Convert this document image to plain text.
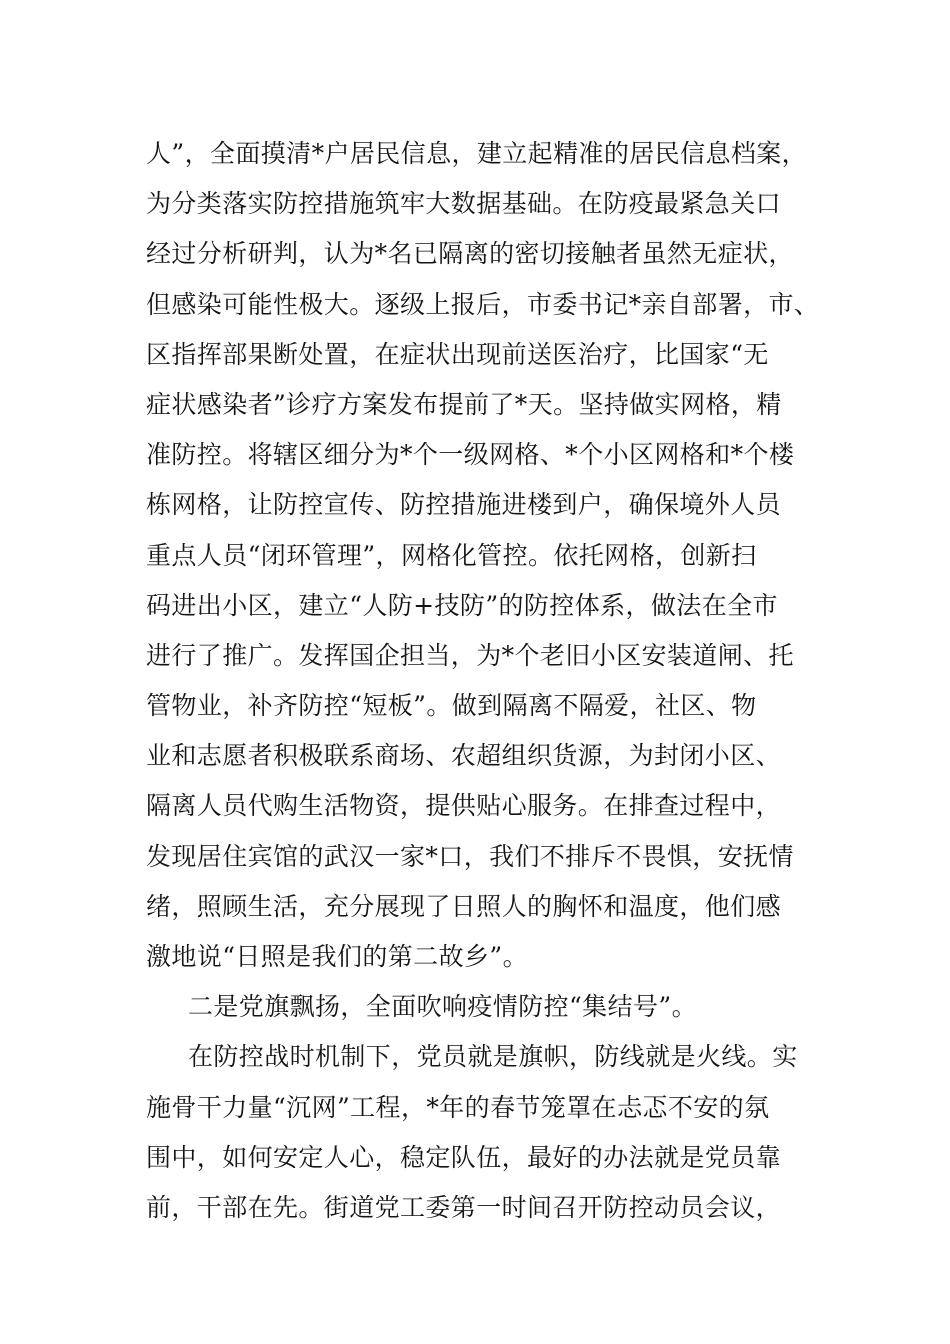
人”，全面摸清*户居民信息，建立起精准的居民信息档案，
为分类落实防控措施筑牢大数据基础。在防疫最紧急关口
经过分析研判，认为*名已隔离的密切接触者虽然无症状，
但感染可能性极大。逐级上报后，市委书记*亲自部署，市、
区指挥部果断处置，在症状出现前送医治疗，比国家“无
症状感染者”诊疗方案发布提前了*天。坚持做实网格，精
准防控。将辖区细分为*个一级网格、*个小区网格和*个楼
栋网格，让防控宣传、防控措施进楼到户，确保境外人员
重点人员“闭环管理”，网格化管控。依托网格，创新扫
码进出小区，建立“人防+技防”的防控体系，做法在全市
进行了推广。发挥国企担当，为*个老旧小区安装道闸、托
管物业，补齐防控“短板”。做到隔离不隔爱，社区、物
业和志愿者积极联系商场、农超组织货源，为封闭小区、
隔离人员代购生活物资，提供贴心服务。在排查过程中，
发现居住宾馆的武汉一家*口，我们不排斥不畏惧，安抚情
绪，照顾生活，充分展现了日照人的胸怀和温度，他们感
激地说“日照是我们的第二故乡”。
二是党旗飘扬，全面吹响疫情防控“集结号”。
在防控战时机制下，党员就是旗帜，防线就是火线。实
施骨干力量“沉网”工程，*年的春节笼罩在忐忑不安的氛
围中，如何安定人心，稳定队伍，最好的办法就是党员靠
前，干部在先。街道党工委第一时间召开防控动员会议，
